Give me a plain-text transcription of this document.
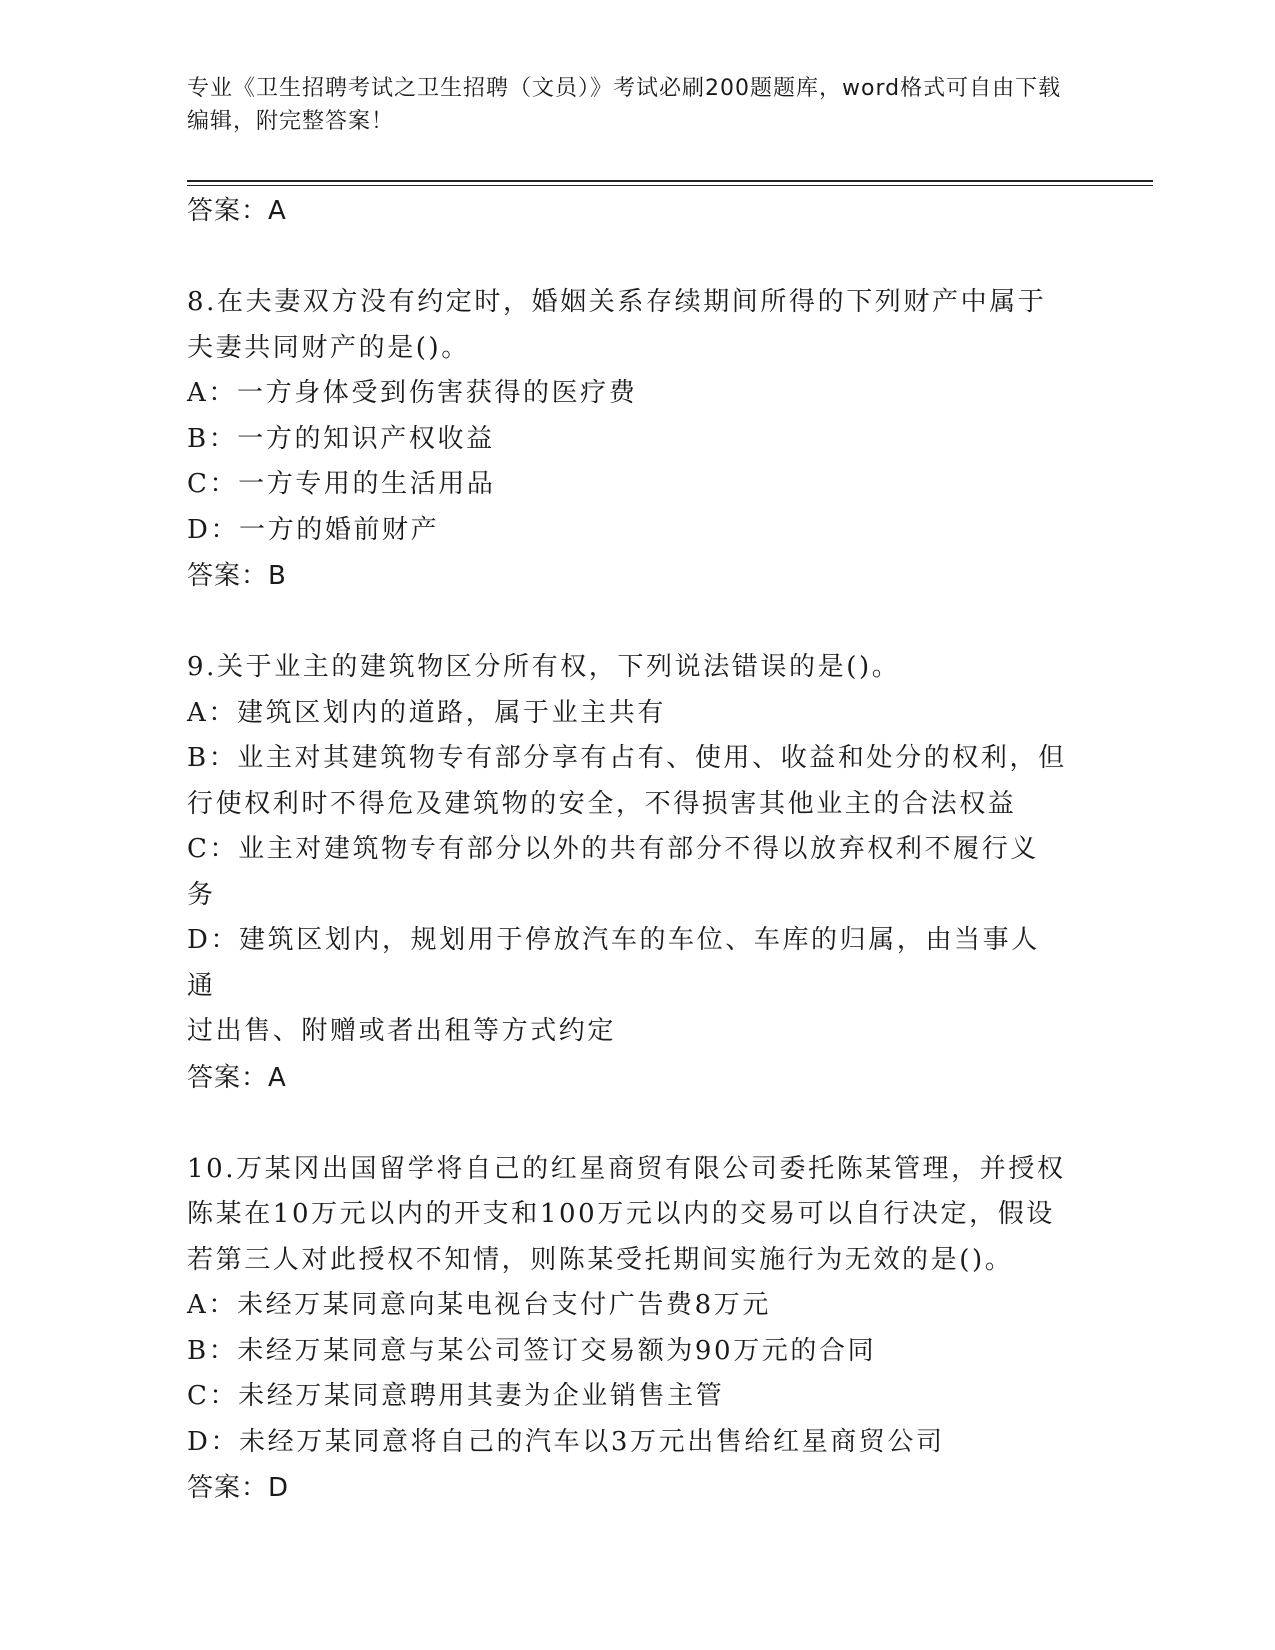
专业《卫生招聘考试之卫生招聘（文员）》考试必刷200题题库，word格式可自由下载编辑，附完整答案！
答案：A
8.在夫妻双方没有约定时，婚姻关系存续期间所得的下列财产中属于
夫妻共同财产的是()。
A：一方身体受到伤害获得的医疗费
B：一方的知识产权收益
C：一方专用的生活用品
D：一方的婚前财产
答案：B
9.关于业主的建筑物区分所有权，下列说法错误的是()。
A：建筑区划内的道路，属于业主共有
B：业主对其建筑物专有部分享有占有、使用、收益和处分的权利，但
行使权利时不得危及建筑物的安全，不得损害其他业主的合法权益
C：业主对建筑物专有部分以外的共有部分不得以放弃权利不履行义务
D：建筑区划内，规划用于停放汽车的车位、车库的归属，由当事人通
过出售、附赠或者出租等方式约定
答案：A
10.万某冈出国留学将自己的红星商贸有限公司委托陈某管理，并授权
陈某在10万元以内的开支和100万元以内的交易可以自行决定，假设
若第三人对此授权不知情，则陈某受托期间实施行为无效的是()。
A：未经万某同意向某电视台支付广告费8万元
B：未经万某同意与某公司签订交易额为90万元的合同
C：未经万某同意聘用其妻为企业销售主管
D：未经万某同意将自己的汽车以3万元出售给红星商贸公司
答案：D
